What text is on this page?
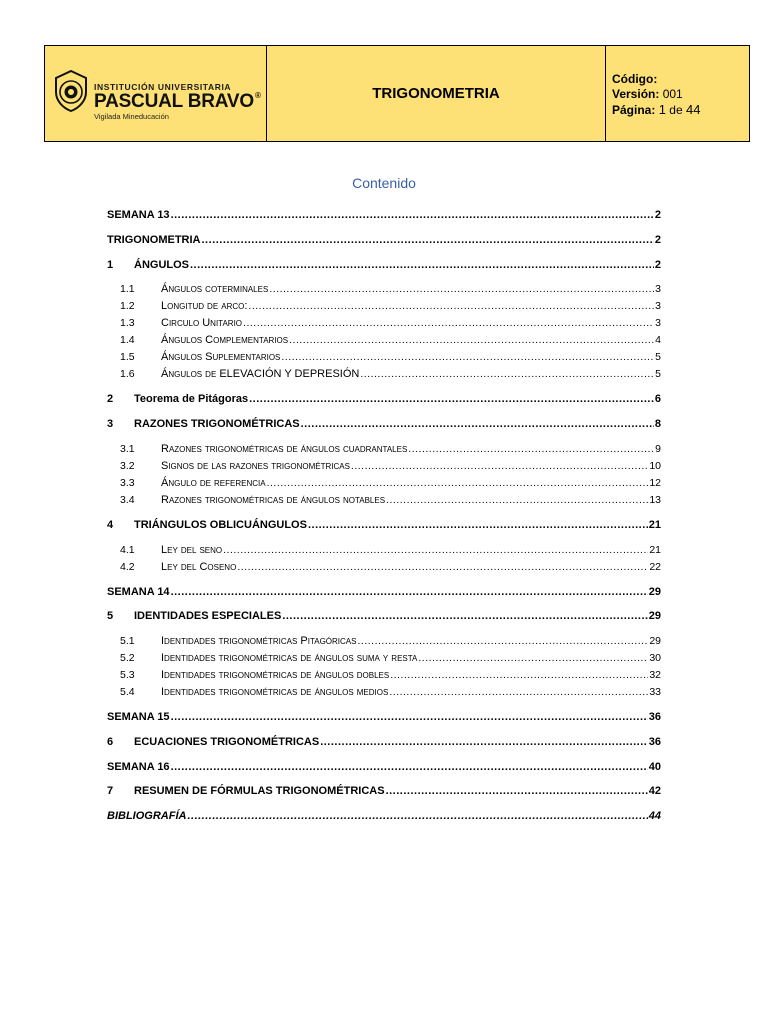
INSTITUCIÓN UNIVERSITARIA
PASCUAL BRAVO®
Vigilada Mineducación
TRIGONOMETRIA
Código:
Versión: 001
Página: 1 de 44
Contenido
SEMANA 13 .....	2
TRIGONOMETRIA .....	2
1	ÁNGULOS .....	2
1.1	Ángulos coterminales .....	3
1.2	Longitud de arco: .....	3
1.3	Circulo Unitario .....	3
1.4	Ángulos Complementarios .....	4
1.5	Ángulos Suplementarios .....	5
1.6	Ángulos de ELEVACIÓN Y DEPRESIÓN .....	5
2	Teorema de Pitágoras .....	6
3	RAZONES TRIGONOMÉTRICAS .....	8
3.1	Razones trigonométricas de ángulos cuadrantales .....	9
3.2	Signos de las razones trigonométricas .....	10
3.3	Ángulo de referencia .....	12
3.4	Razones trigonométricas de ángulos notables .....	13
4	TRIÁNGULOS OBLICUÁNGULOS .....	21
4.1	Ley del seno .....	21
4.2	Ley del Coseno .....	22
SEMANA 14 .....	29
5	IDENTIDADES ESPECIALES .....	29
5.1	Identidades trigonométricas Pitagóricas .....	29
5.2	Identidades trigonométricas de ángulos suma y resta .....	30
5.3	Identidades trigonométricas de ángulos dobles .....	32
5.4	Identidades trigonométricas de ángulos medios .....	33
SEMANA 15 .....	36
6	ECUACIONES TRIGONOMÉTRICAS .....	36
SEMANA 16 .....	40
7	RESUMEN DE FÓRMULAS TRIGONOMÉTRICAS .....	42
BIBLIOGRAFÍA .....	44
